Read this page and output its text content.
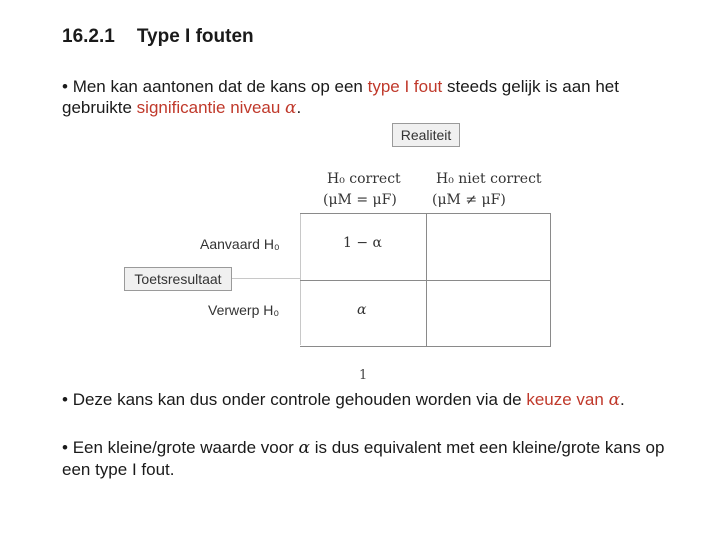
16.2.1 Type I fouten
• Men kan aantonen dat de kans op een type I fout steeds gelijk is aan het gebruikte significantie niveau α.
Realiteit
H₀ correct
(μM = μF)
H₀ niet correct
(μM ≠ μF)
1 − α
α
Aanvaard H₀
Verwerp H₀
Toetsresultaat
1
• Deze kans kan dus onder controle gehouden worden via de keuze van α.
• Een kleine/grote waarde voor α is dus equivalent met een kleine/grote kans op een type I fout.
